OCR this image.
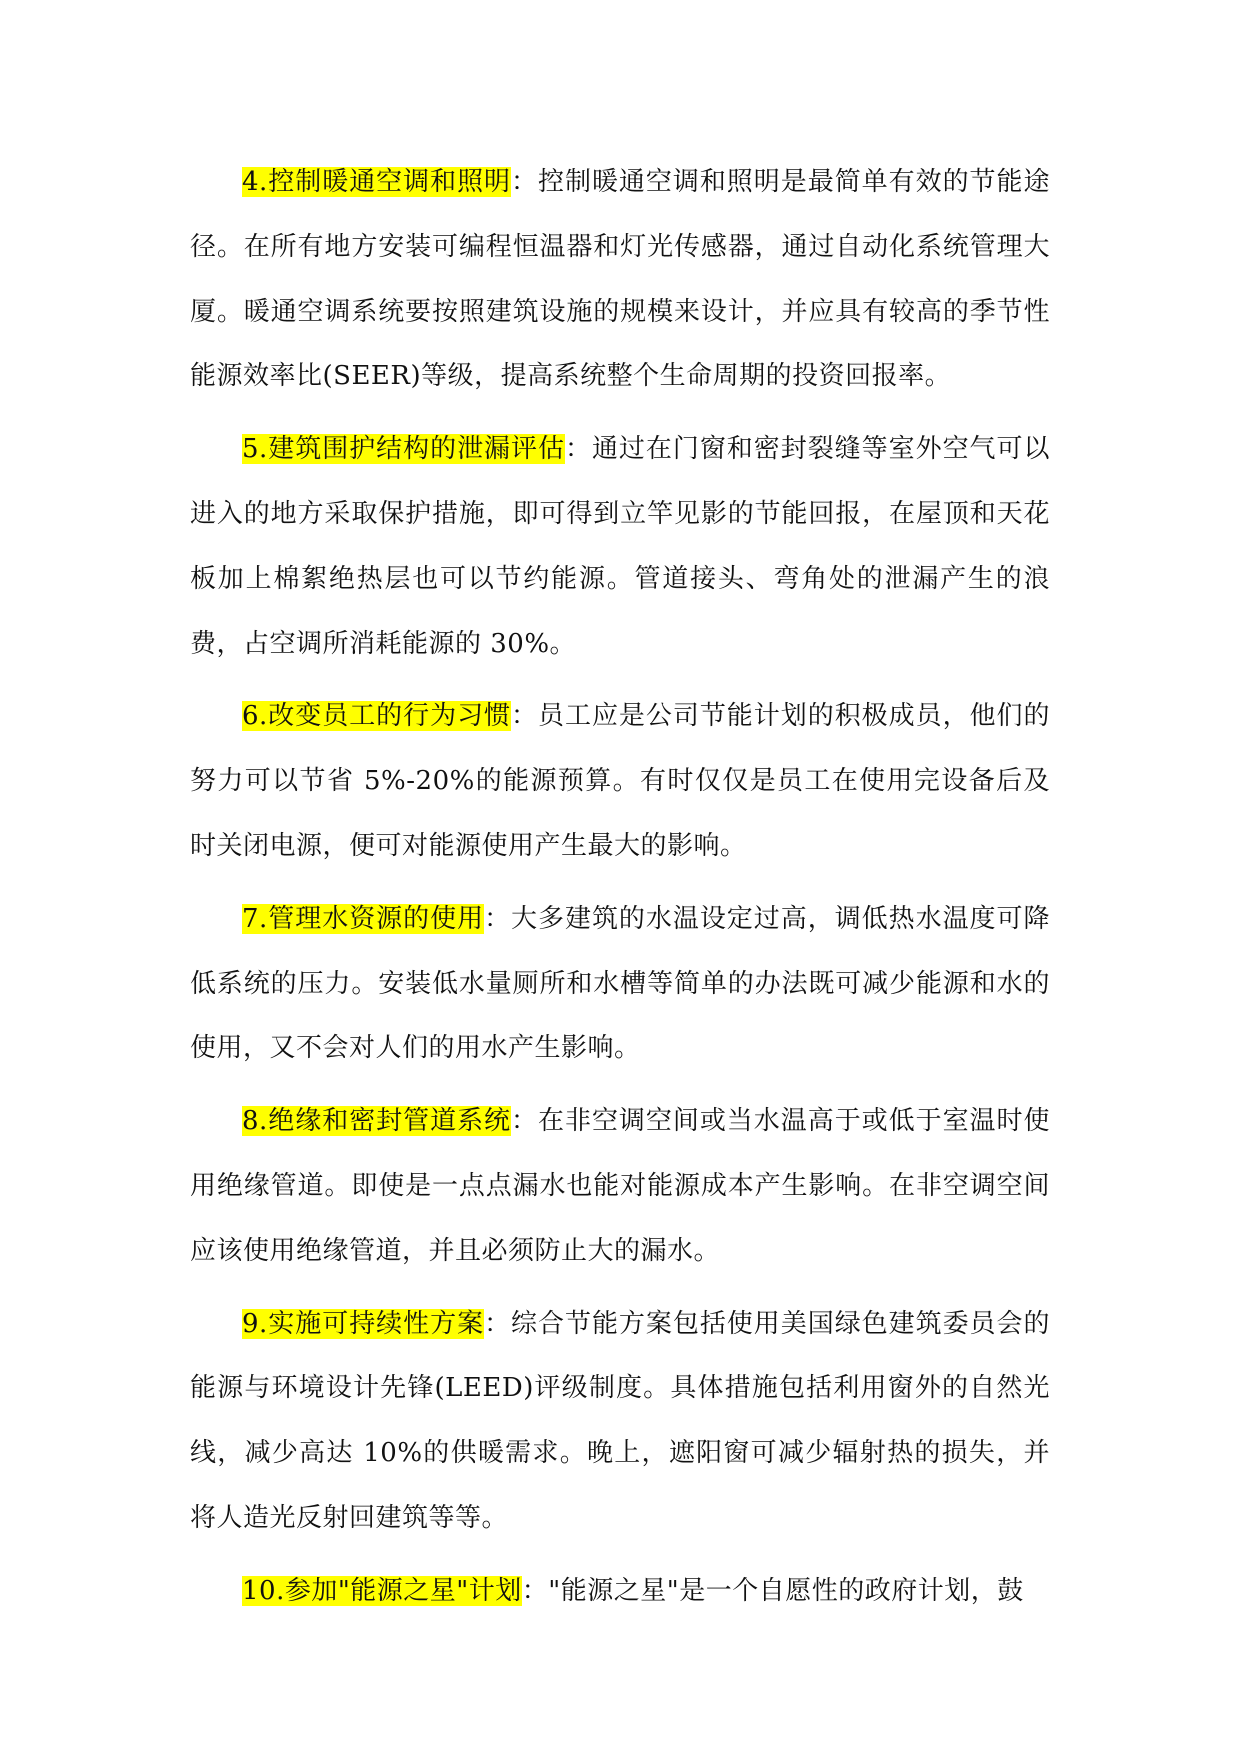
4.控制暖通空调和照明：控制暖通空调和照明是最简单有效的节能途径。在所有地方安装可编程恒温器和灯光传感器，通过自动化系统管理大厦。暖通空调系统要按照建筑设施的规模来设计，并应具有较高的季节性能源效率比(SEER)等级，提高系统整个生命周期的投资回报率。

5.建筑围护结构的泄漏评估：通过在门窗和密封裂缝等室外空气可以进入的地方采取保护措施，即可得到立竿见影的节能回报，在屋顶和天花板加上棉絮绝热层也可以节约能源。管道接头、弯角处的泄漏产生的浪费，占空调所消耗能源的 30%。

6.改变员工的行为习惯：员工应是公司节能计划的积极成员，他们的努力可以节省 5%-20%的能源预算。有时仅仅是员工在使用完设备后及时关闭电源，便可对能源使用产生最大的影响。

7.管理水资源的使用：大多建筑的水温设定过高，调低热水温度可降低系统的压力。安装低水量厕所和水槽等简单的办法既可减少能源和水的使用，又不会对人们的用水产生影响。

8.绝缘和密封管道系统：在非空调空间或当水温高于或低于室温时使用绝缘管道。即使是一点点漏水也能对能源成本产生影响。在非空调空间应该使用绝缘管道，并且必须防止大的漏水。

9.实施可持续性方案：综合节能方案包括使用美国绿色建筑委员会的能源与环境设计先锋(LEED)评级制度。具体措施包括利用窗外的自然光线，减少高达 10%的供暖需求。晚上，遮阳窗可减少辐射热的损失，并将人造光反射回建筑等等。

10.参加"能源之星"计划："能源之星"是一个自愿性的政府计划，鼓
